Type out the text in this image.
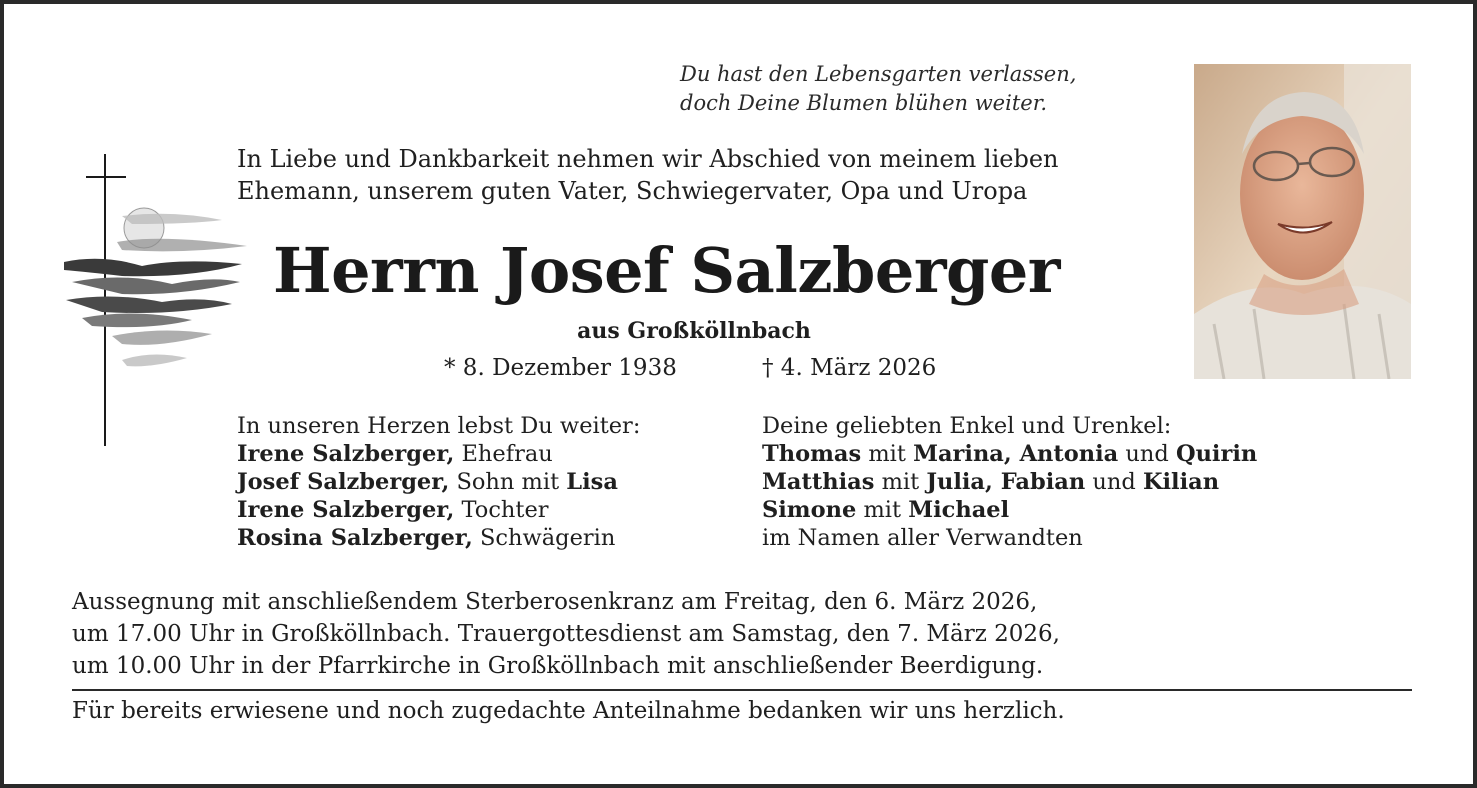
Du hast den Lebensgarten verlassen,
doch Deine Blumen blühen weiter.
In Liebe und Dankbarkeit nehmen wir Abschied von meinem lieben
Ehemann, unserem guten Vater, Schwiegervater, Opa und Uropa
Herrn Josef Salzberger
aus Großköllnbach
* 8. Dezember 1938	† 4. März 2026
In unseren Herzen lebst Du weiter:
Irene Salzberger, Ehefrau
Josef Salzberger, Sohn mit Lisa
Irene Salzberger, Tochter
Rosina Salzberger, Schwägerin
Deine geliebten Enkel und Urenkel:
Thomas mit Marina, Antonia und Quirin
Matthias mit Julia, Fabian und Kilian
Simone mit Michael
im Namen aller Verwandten
Aussegnung mit anschließendem Sterberosenkranz am Freitag, den 6. März 2026,
um 17.00 Uhr in Großköllnbach. Trauergottesdienst am Samstag, den 7. März 2026,
um 10.00 Uhr in der Pfarrkirche in Großköllnbach mit anschließender Beerdigung.
Für bereits erwiesene und noch zugedachte Anteilnahme bedanken wir uns herzlich.
